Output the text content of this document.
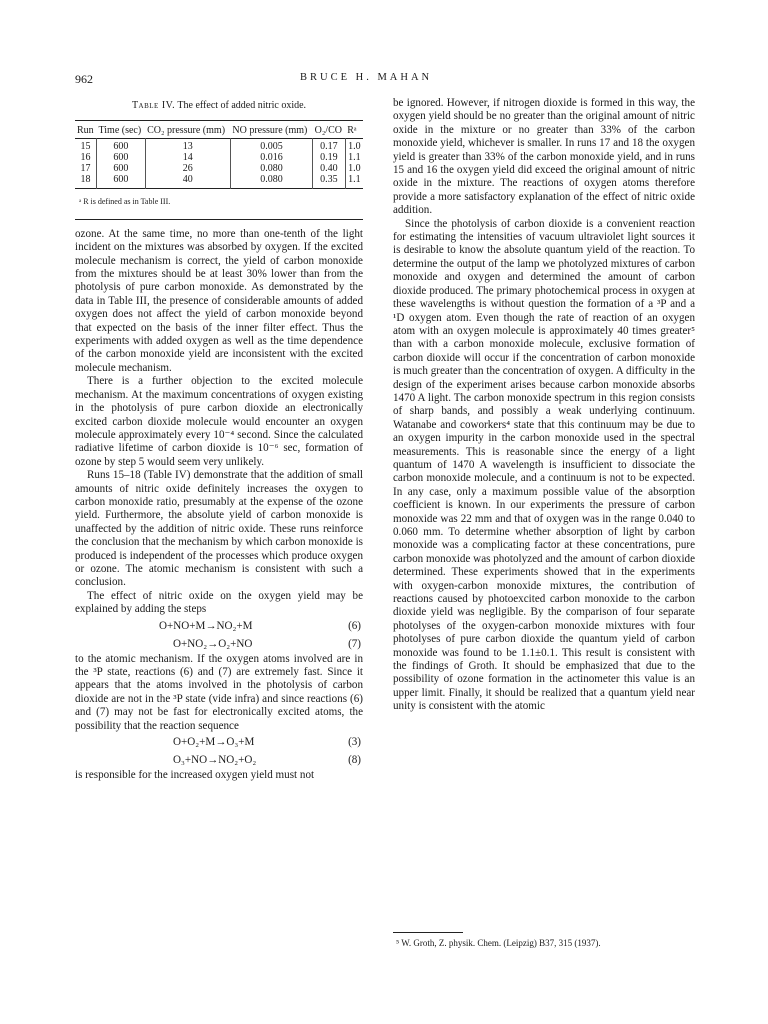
962	BRUCE H. MAHAN
Table IV. The effect of added nitric oxide.
Run	Time (sec)	CO₂ pressure (mm)	NO pressure (mm)	O₂/CO	Rᵃ
15	600	13	0.005	0.17	1.0
16	600	14	0.016	0.19	1.1
17	600	26	0.080	0.40	1.0
18	600	40	0.080	0.35	1.1
ᵃ R is defined as in Table III.

ozone. At the same time, no more than one-tenth of the light incident on the mixtures was absorbed by oxygen. If the excited molecule mechanism is correct, the yield of carbon monoxide from the mixtures should be at least 30% lower than from the photolysis of pure carbon monoxide. As demonstrated by the data in Table III, the presence of considerable amounts of added oxygen does not affect the yield of carbon monoxide beyond that expected on the basis of the inner filter effect. Thus the experiments with added oxygen as well as the time dependence of the carbon monoxide yield are inconsistent with the excited molecule mechanism.

There is a further objection to the excited molecule mechanism. At the maximum concentrations of oxygen existing in the photolysis of pure carbon dioxide an electronically excited carbon dioxide molecule would encounter an oxygen molecule approximately every 10⁻⁴ second. Since the calculated radiative lifetime of carbon dioxide is 10⁻⁶ sec, formation of ozone by step 5 would seem very unlikely.

Runs 15–18 (Table IV) demonstrate that the addition of small amounts of nitric oxide definitely increases the oxygen to carbon monoxide ratio, presumably at the expense of the ozone yield. Furthermore, the absolute yield of carbon monoxide is unaffected by the addition of nitric oxide. These runs reinforce the conclusion that the mechanism by which carbon monoxide is produced is independent of the processes which produce oxygen or ozone. The atomic mechanism is consistent with such a conclusion.

The effect of nitric oxide on the oxygen yield may be explained by adding the steps

O+NO+M→NO₂+M	(6)
O+NO₂→O₂+NO	(7)

to the atomic mechanism. If the oxygen atoms involved are in the ³P state, reactions (6) and (7) are extremely fast. Since it appears that the atoms involved in the photolysis of carbon dioxide are not in the ³P state (vide infra) and since reactions (6) and (7) may not be fast for electronically excited atoms, the possibility that the reaction sequence

O+O₂+M→O₃+M	(3)
O₃+NO→NO₂+O₂	(8)

is responsible for the increased oxygen yield must not

be ignored. However, if nitrogen dioxide is formed in this way, the oxygen yield should be no greater than the original amount of nitric oxide in the mixture or no greater than 33% of the carbon monoxide yield, whichever is smaller. In runs 17 and 18 the oxygen yield is greater than 33% of the carbon monoxide yield, and in runs 15 and 16 the oxygen yield did exceed the original amount of nitric oxide in the mixture. The reactions of oxygen atoms therefore provide a more satisfactory explanation of the effect of nitric oxide addition.

Since the photolysis of carbon dioxide is a convenient reaction for estimating the intensities of vacuum ultraviolet light sources it is desirable to know the absolute quantum yield of the reaction. To determine the output of the lamp we photolyzed mixtures of carbon monoxide and oxygen and determined the amount of carbon dioxide produced. The primary photochemical process in oxygen at these wavelengths is without question the formation of a ³P and a ¹D oxygen atom. Even though the rate of reaction of an oxygen atom with an oxygen molecule is approximately 40 times greater⁵ than with a carbon monoxide molecule, exclusive formation of carbon dioxide will occur if the concentration of carbon monoxide is much greater than the concentration of oxygen. A difficulty in the design of the experiment arises because carbon monoxide absorbs 1470 A light. The carbon monoxide spectrum in this region consists of sharp bands, and possibly a weak underlying continuum. Watanabe and coworkers⁴ state that this continuum may be due to an oxygen impurity in the carbon monoxide used in the spectral measurements. This is reasonable since the energy of a light quantum of 1470 A wavelength is insufficient to dissociate the carbon monoxide molecule, and a continuum is not to be expected. In any case, only a maximum possible value of the absorption coefficient is known. In our experiments the pressure of carbon monoxide was 22 mm and that of oxygen was in the range 0.040 to 0.060 mm. To determine whether absorption of light by carbon monoxide was a complicating factor at these concentrations, pure carbon monoxide was photolyzed and the amount of carbon dioxide determined. These experiments showed that in the experiments with oxygen-carbon monoxide mixtures, the contribution of reactions caused by photoexcited carbon monoxide to the carbon dioxide yield was negligible. By the comparison of four separate photolyses of the oxygen-carbon monoxide mixtures with four photolyses of pure carbon dioxide the quantum yield of carbon monoxide was found to be 1.1±0.1. This result is consistent with the findings of Groth. It should be emphasized that due to the possibility of ozone formation in the actinometer this value is an upper limit. Finally, it should be realized that a quantum yield near unity is consistent with the atomic

⁵ W. Groth, Z. physik. Chem. (Leipzig) B37, 315 (1937).
